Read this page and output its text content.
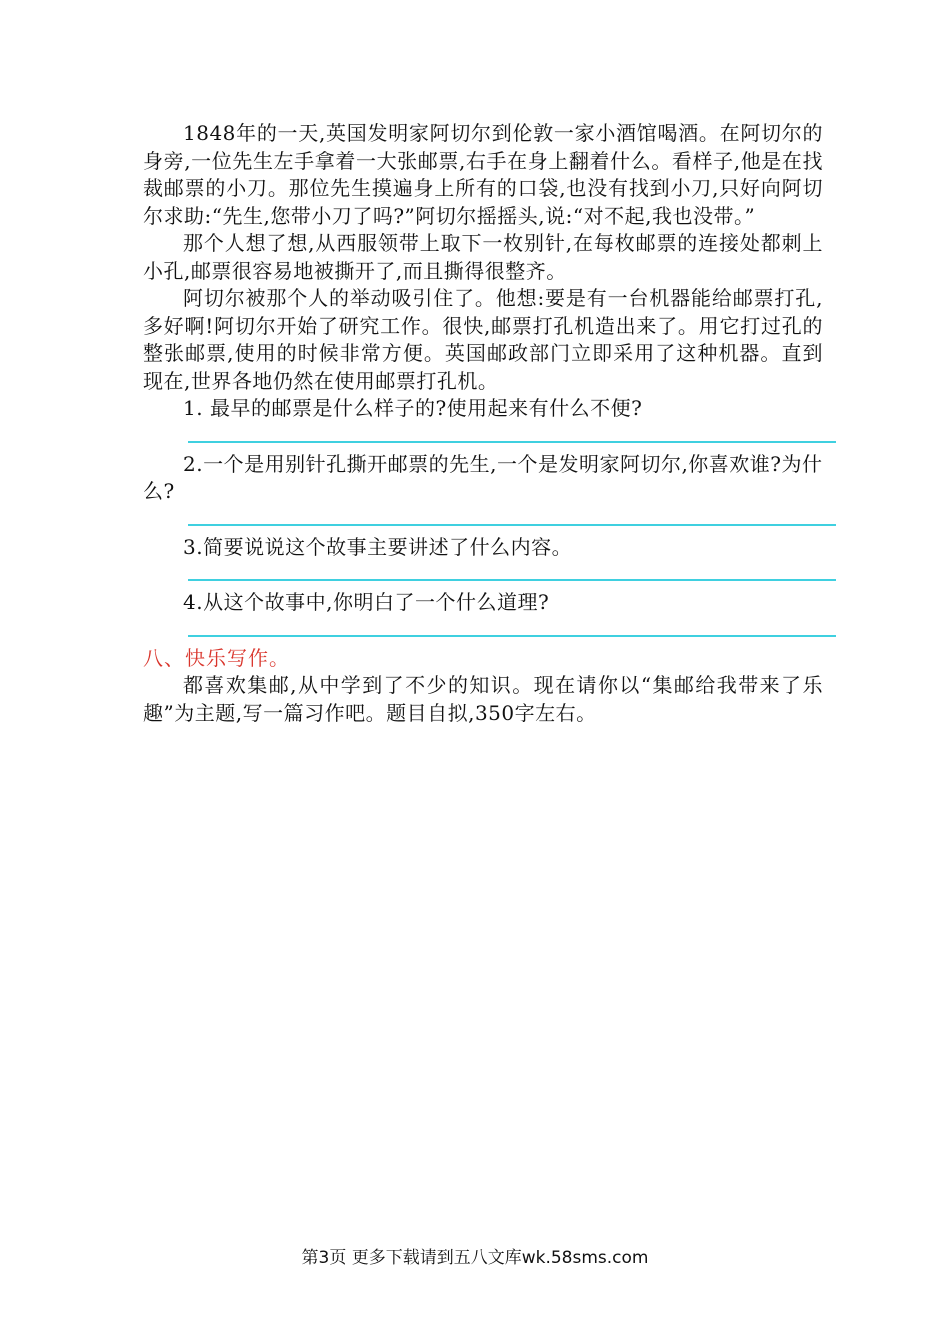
1848年的一天,英国发明家阿切尔到伦敦一家小酒馆喝酒。在阿切尔的身旁,一位先生左手拿着一大张邮票,右手在身上翻着什么。看样子,他是在找裁邮票的小刀。那位先生摸遍身上所有的口袋,也没有找到小刀,只好向阿切尔求助:“先生,您带小刀了吗?”阿切尔摇摇头,说:“对不起,我也没带。”

那个人想了想,从西服领带上取下一枚别针,在每枚邮票的连接处都刺上小孔,邮票很容易地被撕开了,而且撕得很整齐。

阿切尔被那个人的举动吸引住了。他想:要是有一台机器能给邮票打孔,多好啊!阿切尔开始了研究工作。很快,邮票打孔机造出来了。用它打过孔的整张邮票,使用的时候非常方便。英国邮政部门立即采用了这种机器。直到现在,世界各地仍然在使用邮票打孔机。

1. 最早的邮票是什么样子的?使用起来有什么不便?

2.一个是用别针孔撕开邮票的先生,一个是发明家阿切尔,你喜欢谁?为什么?

3.简要说说这个故事主要讲述了什么内容。

4.从这个故事中,你明白了一个什么道理?

八、快乐写作。

都喜欢集邮,从中学到了不少的知识。现在请你以“集邮给我带来了乐趣”为主题,写一篇习作吧。题目自拟,350字左右。

第3页 更多下载请到五八文库wk.58sms.com
